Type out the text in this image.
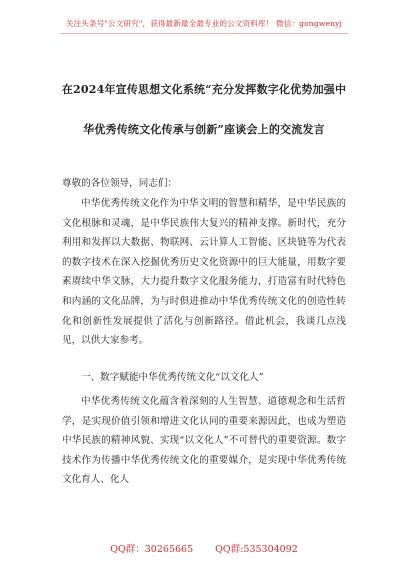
关注头条号"公文研究"，获得最新最全最专业的公文资料库！ 微信：gongwenyj
在2024年宣传思想文化系统“充分发挥数字化优势加强中
华优秀传统文化传承与创新”座谈会上的交流发言
尊敬的各位领导，同志们：
中华优秀传统文化作为中华文明的智慧和精华，是中华民族的文化根脉和灵魂，是中华民族伟大复兴的精神支撑。新时代，充分利用和发挥以大数据、物联网、云计算人工智能、区块链等为代表的数字技术在深入挖掘优秀历史文化资源中的巨大能量，用数字要素赓续中华文脉，大力提升数字文化服务能力，打造富有时代特色和内涵的文化品牌，为与时俱进推动中华优秀传统文化的创造性转化和创新性发展提供了活化与创新路径。借此机会，我谈几点浅见，以供大家参考。
一、数字赋能中华优秀传统文化“以文化人”
中华优秀传统文化蕴含着深刻的人生智慧、道德观念和生活哲学，是实现价值引领和增进文化认同的重要来源因此，也成为塑造中华民族的精神风貌、实现“以文化人”不可替代的重要资源。数字技术作为传播中华优秀传统文化的重要媒介，是实现中华优秀传统文化育人、化人
QQ群：30265665 QQ群:535304092
